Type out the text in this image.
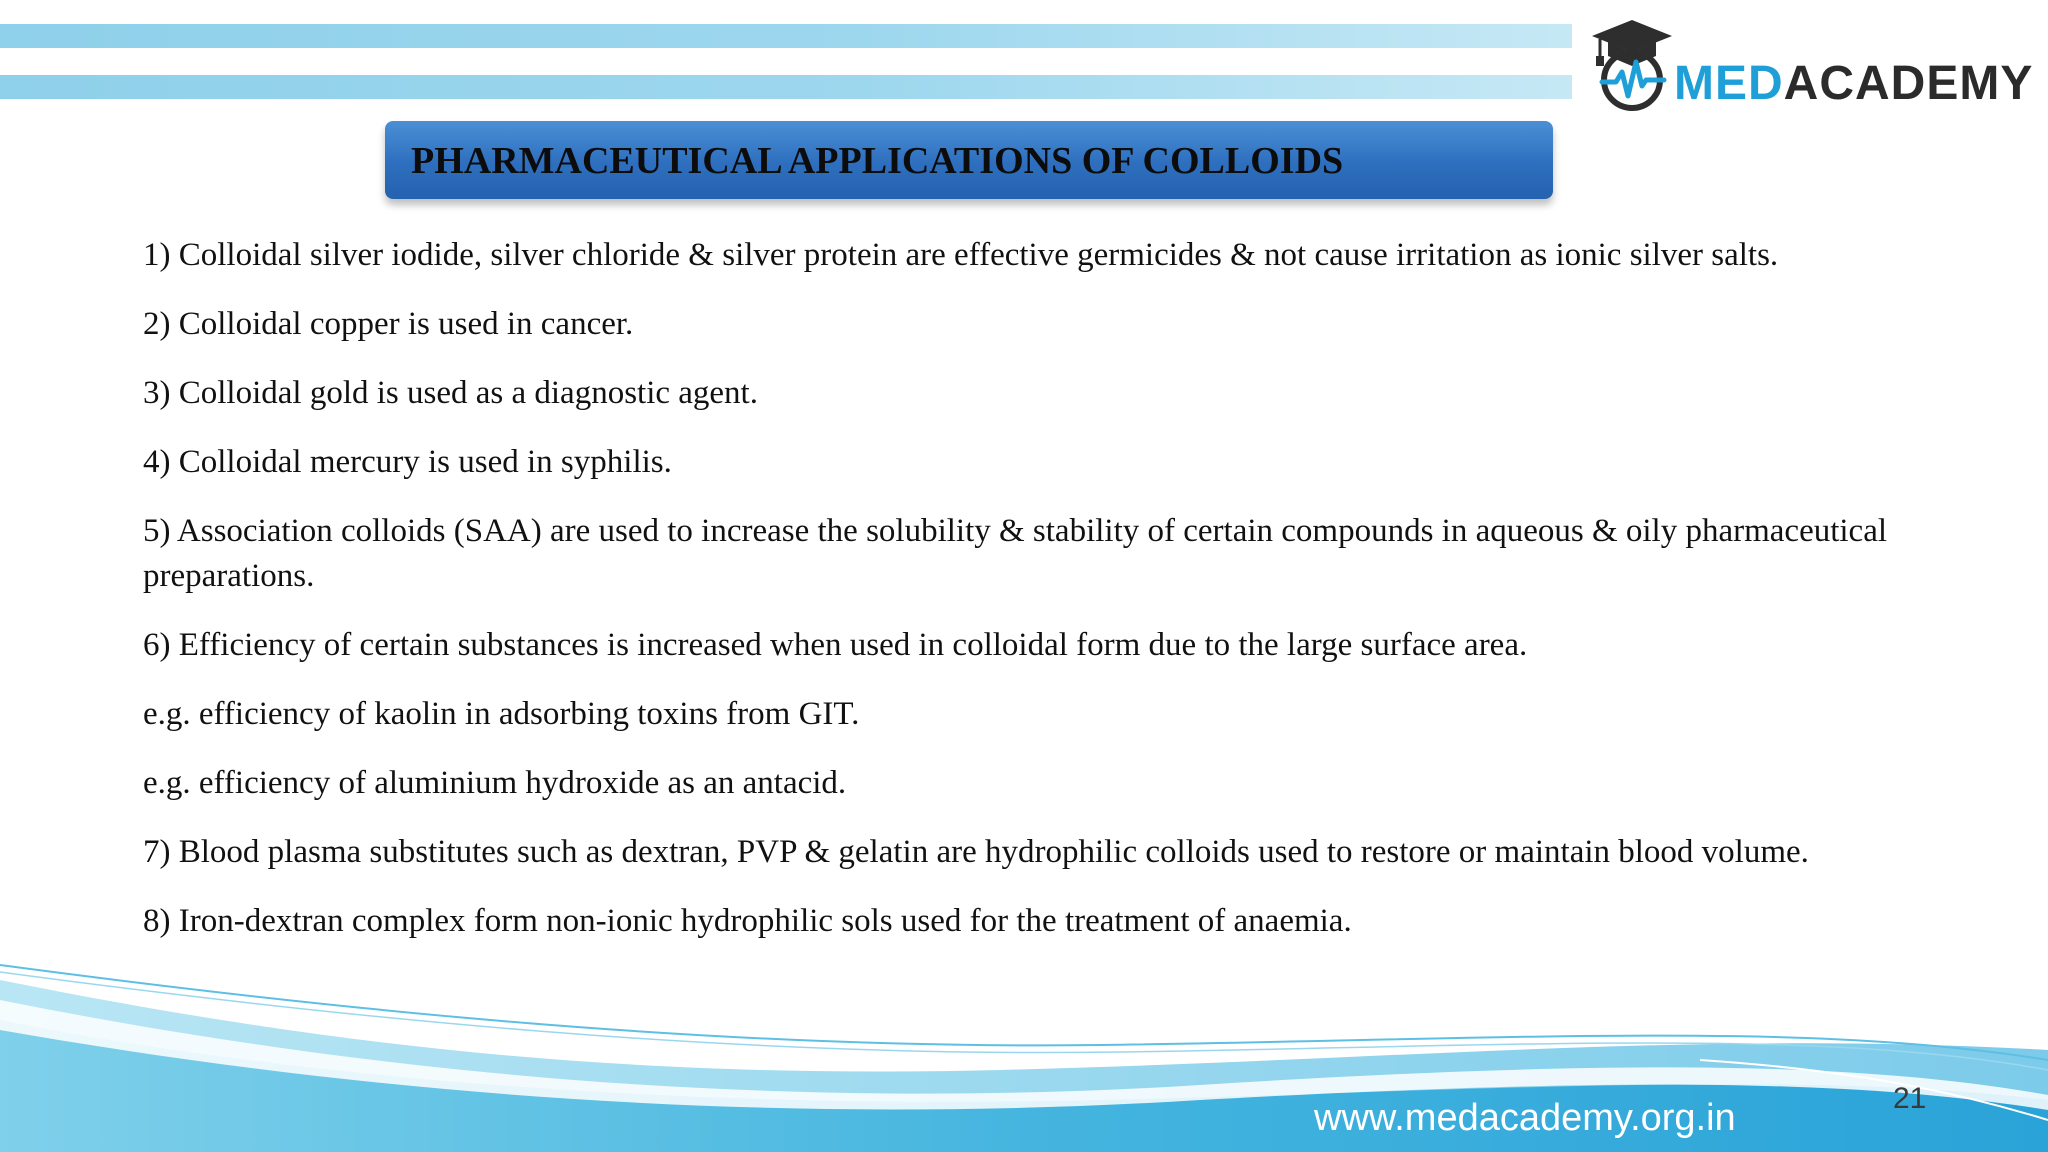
MEDACADEMY
PHARMACEUTICAL APPLICATIONS OF COLLOIDS

1) Colloidal silver iodide, silver chloride & silver protein are effective germicides & not cause irritation as ionic silver salts.

2) Colloidal copper is used in cancer.

3) Colloidal gold is used as a diagnostic agent.

4) Colloidal mercury is used in syphilis.

5) Association colloids (SAA) are used to increase the solubility & stability of certain compounds in aqueous & oily pharmaceutical preparations.

6) Efficiency of certain substances is increased when used in colloidal form due to the large surface area.

e.g. efficiency of kaolin in adsorbing toxins from GIT.

e.g. efficiency of aluminium hydroxide as an antacid.

7) Blood plasma substitutes such as dextran, PVP & gelatin are hydrophilic colloids used to restore or maintain blood volume.

8) Iron-dextran complex form non-ionic hydrophilic sols used for the treatment of anaemia.

www.medacademy.org.in	21
